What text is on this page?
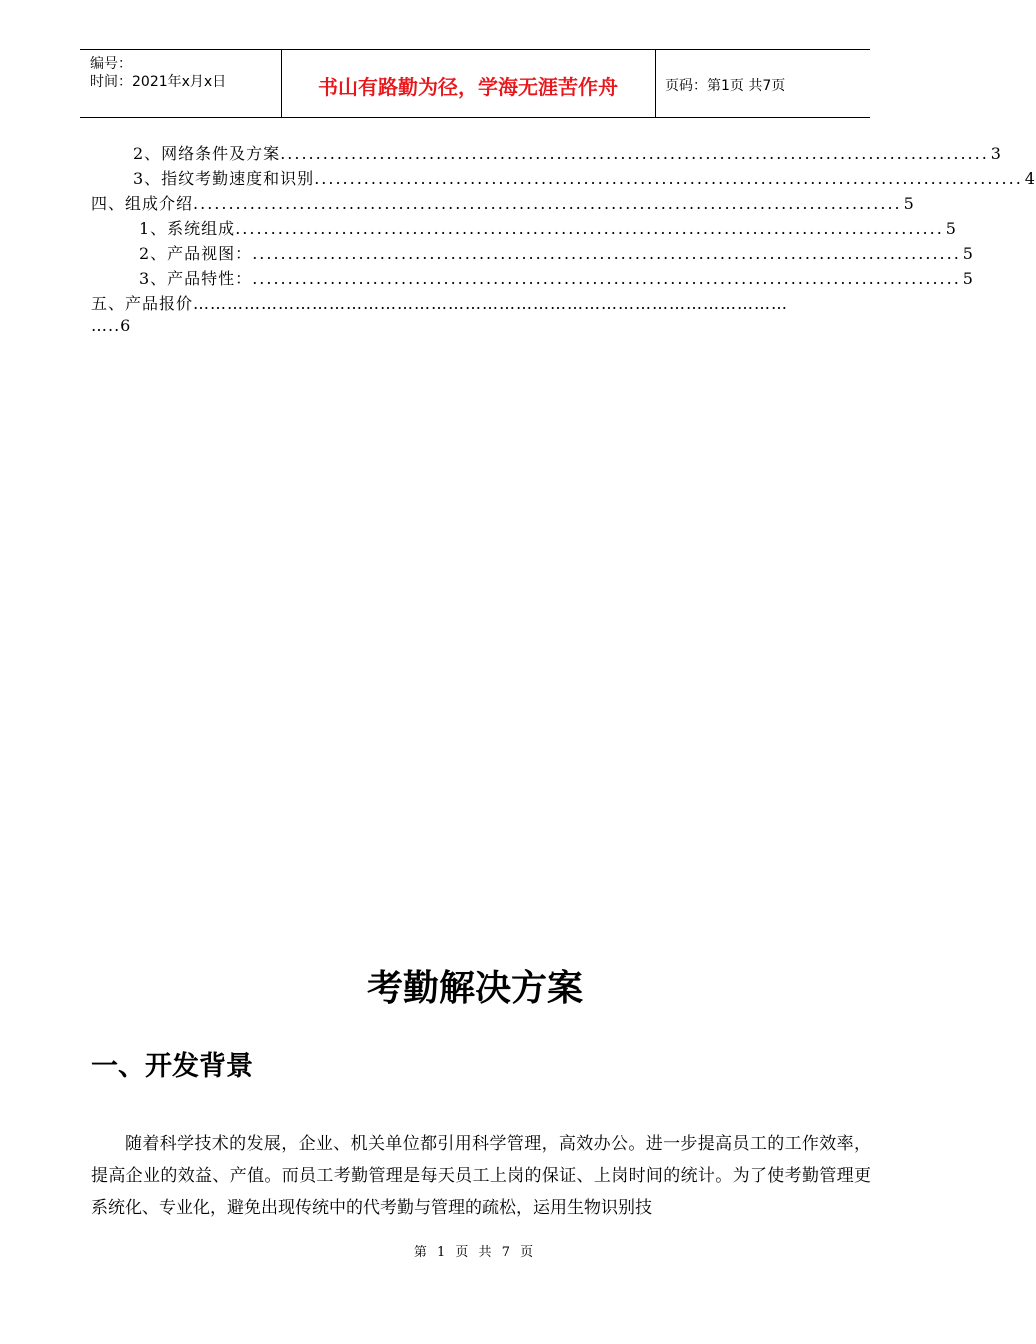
编号：
时间：2021年x月x日	书山有路勤为径，学海无涯苦作舟	页码：第1页 共7页
2、网络条件及方案 .................................................................................................... 3
3、指纹考勤速度和识别 .................................................................................................... 4
四、组成介绍 .................................................................................................... 5
1、系统组成 .................................................................................................... 5
2、产品视图： .................................................................................................... 5
3、产品特性： .................................................................................................... 5
五、产品报价……………………………………………………………………………………………
…..6
考勤解决方案
一、开发背景

随着科学技术的发展，企业、机关单位都引用科学管理，高效办公。进一步提高员工的工作效率，提高企业的效益、产值。而员工考勤管理是每天员工上岗的保证、上岗时间的统计。为了使考勤管理更系统化、专业化，避免出现传统中的代考勤与管理的疏松，运用生物识别技

第 1 页 共 7 页
